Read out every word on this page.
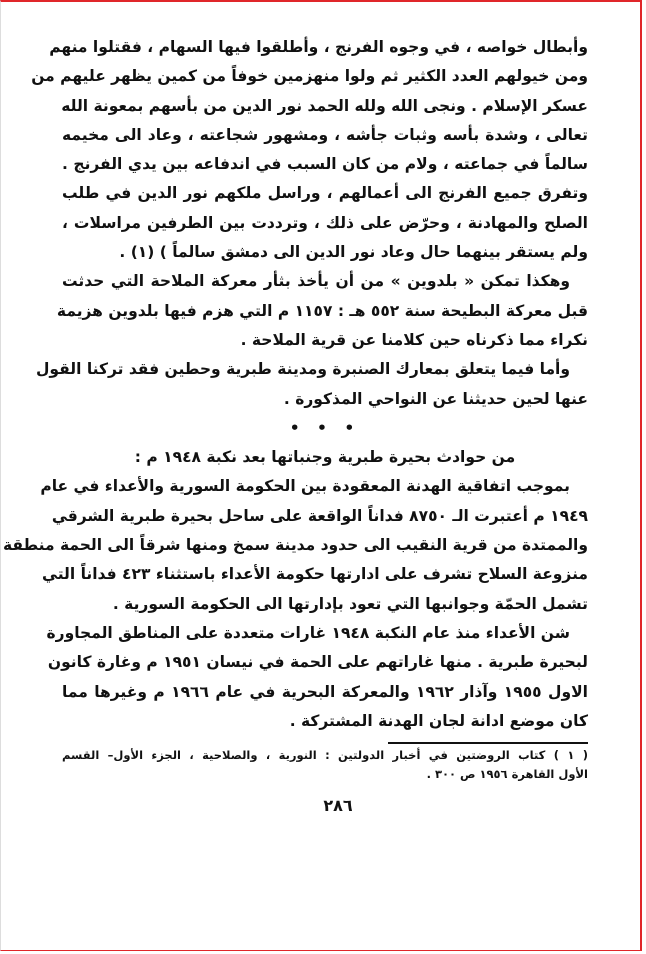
وأبطال خواصه ، في وجوه الفرنج ، وأطلقوا فيها السهام ، فقتلوا منهم
ومن خيولهم العدد الكثير ثم ولوا منهزمين خوفاً من كمين يظهر عليهم من
عسكر الإسلام . ونجى الله ولله الحمد نور الدين من بأسهم بمعونة الله
تعالى ، وشدة بأسه وثبات جأشه ، ومشهور شجاعته ، وعاد الى مخيمه
سالماً في جماعته ، ولام من كان السبب في اندفاعه بين يدي الفرنج .
وتفرق جميع الفرنج الى أعمالهم ، وراسل ملكهم نور الدين في طلب
الصلح والمهادنة ، وحرّض على ذلك ، وترددت بين الطرفين مراسلات ،
ولم يستقر بينهما حال وعاد نور الدين الى دمشق سالماً ) (١) .
وهكذا تمكن « بلدوين » من أن يأخذ بثأر معركة الملاحة التي حدثت
قبل معركة البطيحة سنة ٥٥٢ هـ : ١١٥٧ م التي هزم فيها بلدوين هزيمة
نكراء مما ذكرناه حين كلامنا عن قرية الملاحة .
وأما فيما يتعلق بمعارك الصنبرة ومدينة طبرية وحطين فقد تركنا القول
عنها لحين حديثنا عن النواحي المذكورة .
• • •
من حوادث بحيرة طبرية وجنباتها بعد نكبة ١٩٤٨ م :
بموجب اتفاقية الهدنة المعقودة بين الحكومة السورية والأعداء في عام
١٩٤٩ م أعتبرت الـ ٨٧٥٠ فداناً الواقعة على ساحل بحيرة طبرية الشرقي
والممتدة من قرية النقيب الى حدود مدينة سمخ ومنها شرقاً الى الحمة منطقة
منزوعة السلاح تشرف على ادارتها حكومة الأعداء باستثناء ٤٢٣ فداناً التي
تشمل الحمّة وجوانبها التي تعود بإدارتها الى الحكومة السورية .
شن الأعداء منذ عام النكبة ١٩٤٨ غارات متعددة على المناطق المجاورة
لبحيرة طبرية . منها غاراتهم على الحمة في نيسان ١٩٥١ م وغارة كانون
الاول ١٩٥٥ وآذار ١٩٦٢ والمعركة البحرية في عام ١٩٦٦ م وغيرها مما
كان موضع ادانة لجان الهدنة المشتركة .
( ١ ) كتاب الروضتين في أخبار الدولتين : النورية ، والصلاحية ، الجزء الأول– القسم
الأول القاهرة ١٩٥٦ ص ٣٠٠ .
٢٨٦
